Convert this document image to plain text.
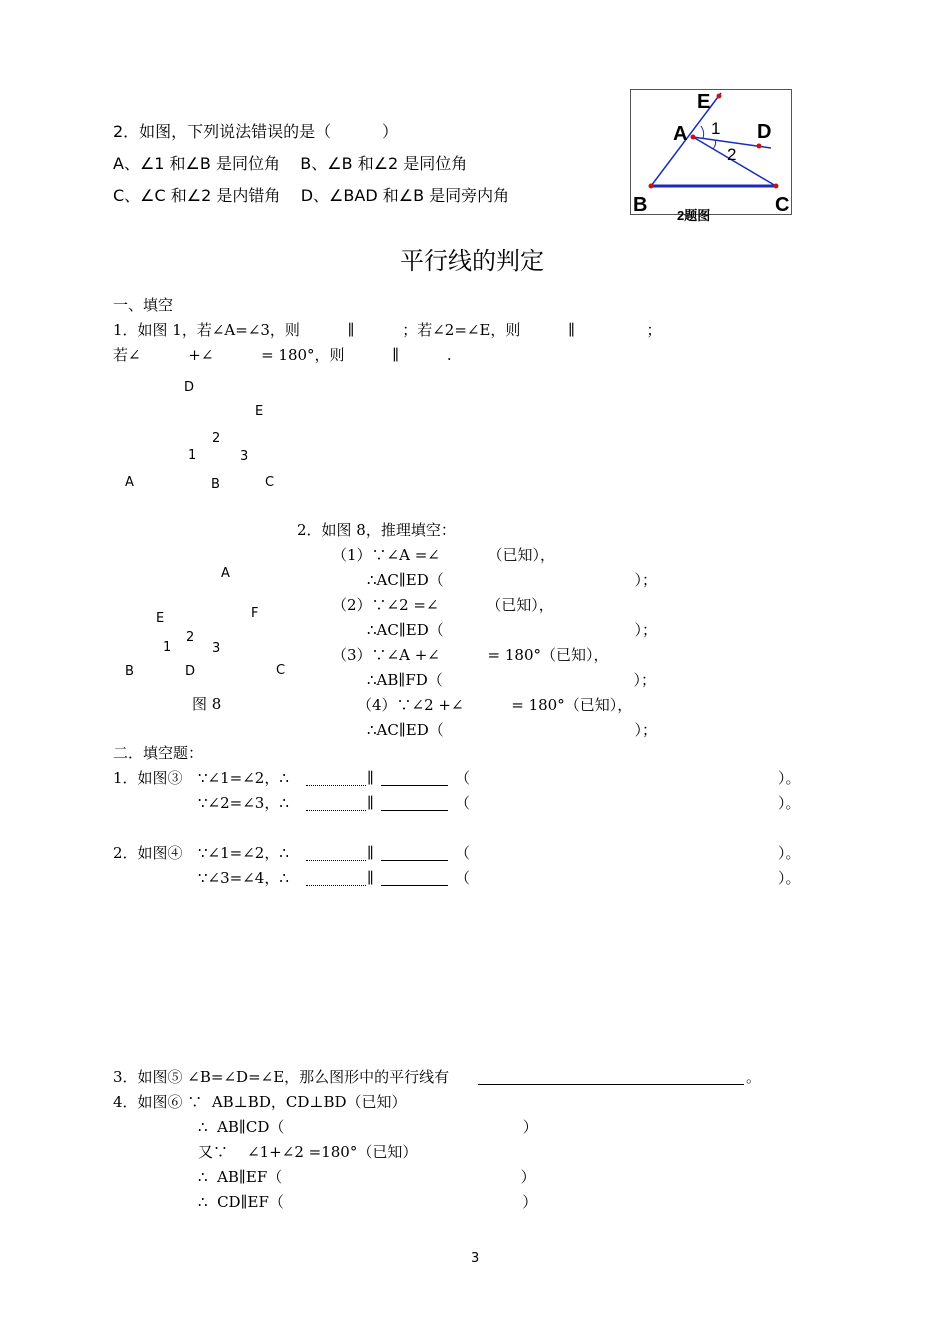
2．如图，下列说法错误的是（          ）
A、∠1 和∠B 是同位角    B、∠B 和∠2 是同位角
C、∠C 和∠2 是内错角    D、∠BAD 和∠B 是同旁内角
E
A 1 D
2
B	C
2题图
平行线的判定
一、填空
1．如图 1，若∠A=∠3，则          ∥          ；若∠2=∠E，则          ∥               ；
若∠          +∠          = 180°，则          ∥          .
D
E
2
1	3
A	B	C
2．如图 8，推理填空：
（1）∵∠A =∠          （已知），
∴AC∥ED（                                        ）；
（2）∵∠2 =∠          （已知），
∴AC∥ED（                                        ）；
（3）∵∠A +∠          = 180°（已知），
∴AB∥FD（                                        ）；
（4）∵∠2 +∠          = 180°（已知），
∴AC∥ED（                                        ）；
A
E	F
2
1	3
B	D	C
图 8
二．填空题：
1．如图③ ∵∠1=∠2，∴	∥	（	）。
∵∠2=∠3，∴	∥	（	）。
2．如图④ ∵∠1=∠2，∴	∥	（	）。
∵∠3=∠4，∴	∥	（	）。
3．如图⑤ ∠B=∠D=∠E，那么图形中的平行线有	。
4．如图⑥ ∵  AB⊥BD，CD⊥BD（已知）
∴  AB∥CD（                                                  ）
又∵    ∠1+∠2 =180°（已知）
∴  AB∥EF（                                                  ）
∴  CD∥EF（                                                  ）
3
